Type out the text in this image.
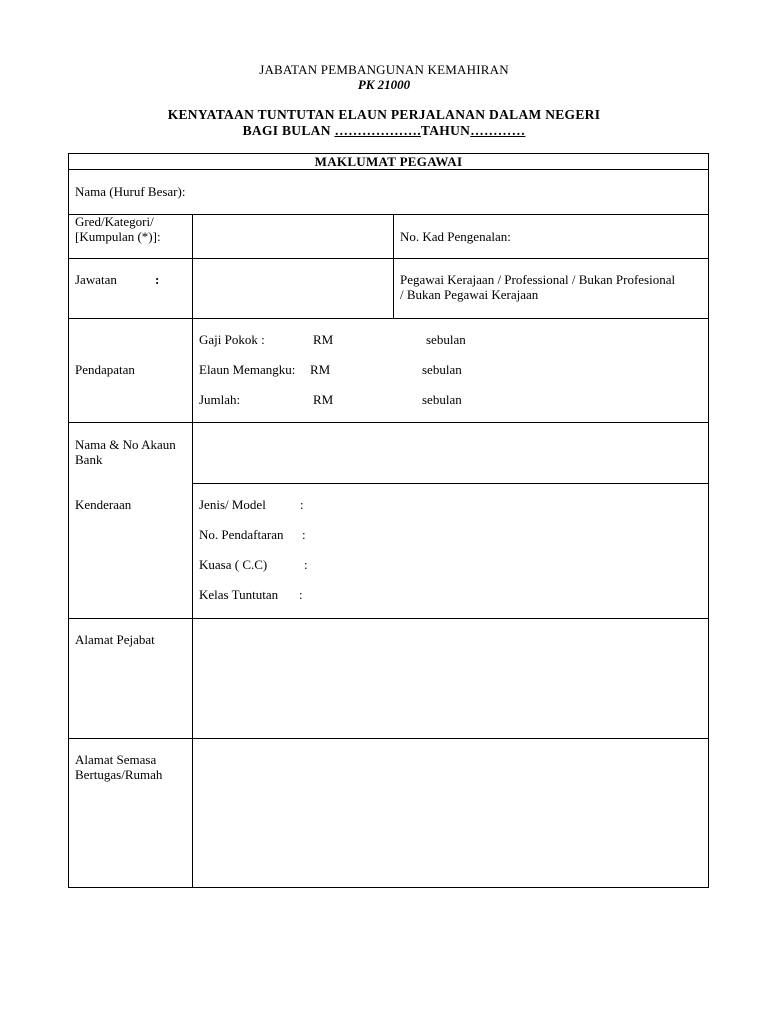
JABATAN PEMBANGUNAN KEMAHIRAN
PK 21000
KENYATAAN TUNTUTAN ELAUN PERJALANAN DALAM NEGERI
BAGI BULAN ……………….TAHUN…………
MAKLUMAT PEGAWAI
Nama (Huruf Besar):
Gred/Kategori/
[Kumpulan (*)]:	No. Kad Pengenalan:
Jawatan	:	Pegawai Kerajaan / Professional / Bukan Profesional
/ Bukan Pegawai Kerajaan
Pendapatan
Gaji Pokok :	RM	sebulan
Elaun Memangku: RM	sebulan
Jumlah:	RM	sebulan
Nama & No Akaun
Bank
Kenderaan	Jenis/ Model	:
No. Pendaftaran :
Kuasa ( C.C)	:
Kelas Tuntutan :
Alamat Pejabat
Alamat Semasa
Bertugas/Rumah
